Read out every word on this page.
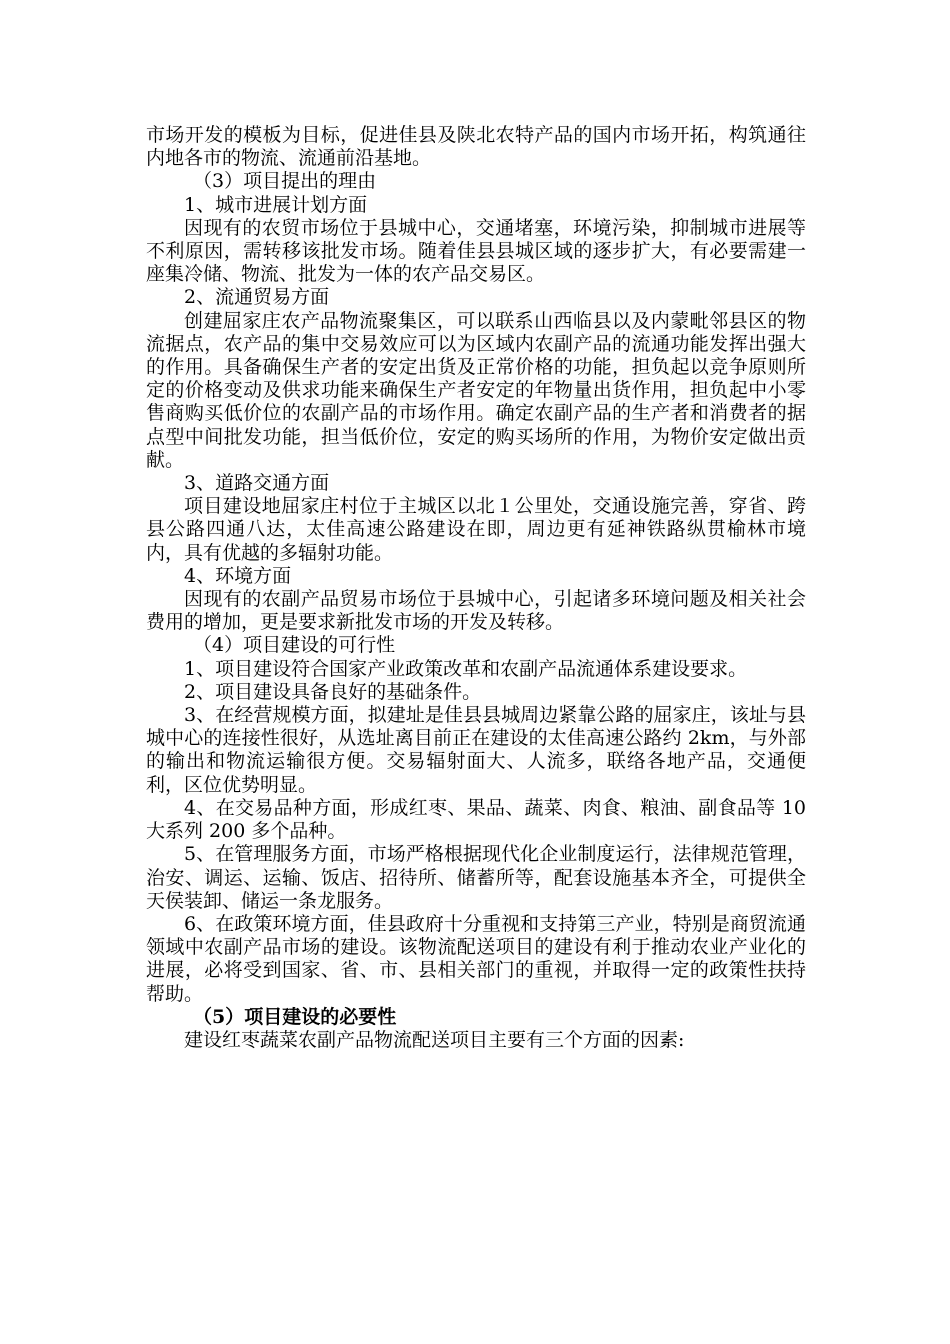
市场开发的模板为目标，促进佳县及陕北农特产品的国内市场开拓，构筑通往内地各市的物流、流通前沿基地。

（3）项目提出的理由

1、城市进展计划方面

因现有的农贸市场位于县城中心，交通堵塞，环境污染，抑制城市进展等不利原因，需转移该批发市场。随着佳县县城区域的逐步扩大，有必要需建一座集冷储、物流、批发为一体的农产品交易区。

2、流通贸易方面

创建屈家庄农产品物流聚集区，可以联系山西临县以及内蒙毗邻县区的物流据点，农产品的集中交易效应可以为区域内农副产品的流通功能发挥出强大的作用。具备确保生产者的安定出货及正常价格的功能，担负起以竞争原则所定的价格变动及供求功能来确保生产者安定的年物量出货作用，担负起中小零售商购买低价位的农副产品的市场作用。确定农副产品的生产者和消费者的据点型中间批发功能，担当低价位，安定的购买场所的作用，为物价安定做出贡献。

3、道路交通方面

项目建设地屈家庄村位于主城区以北１公里处，交通设施完善，穿省、跨县公路四通八达，太佳高速公路建设在即，周边更有延神铁路纵贯榆林市境内，具有优越的多辐射功能。

4、环境方面

因现有的农副产品贸易市场位于县城中心，引起诸多环境问题及相关社会费用的增加，更是要求新批发市场的开发及转移。

（4）项目建设的可行性

1、项目建设符合国家产业政策改革和农副产品流通体系建设要求。

2、项目建设具备良好的基础条件。

3、在经营规模方面，拟建址是佳县县城周边紧靠公路的屈家庄，该址与县城中心的连接性很好，从选址离目前正在建设的太佳高速公路约 2km，与外部的输出和物流运输很方便。交易辐射面大、人流多，联络各地产品，交通便利，区位优势明显。

4、在交易品种方面，形成红枣、果品、蔬菜、肉食、粮油、副食品等 10 大系列 200 多个品种。

5、在管理服务方面，市场严格根据现代化企业制度运行，法律规范管理，治安、调运、运输、饭店、招待所、储蓄所等，配套设施基本齐全，可提供全天侯装卸、储运一条龙服务。

6、在政策环境方面，佳县政府十分重视和支持第三产业，特别是商贸流通领域中农副产品市场的建设。该物流配送项目的建设有利于推动农业产业化的进展，必将受到国家、省、市、县相关部门的重视，并取得一定的政策性扶持帮助。

（5）项目建设的必要性

建设红枣蔬菜农副产品物流配送项目主要有三个方面的因素:
